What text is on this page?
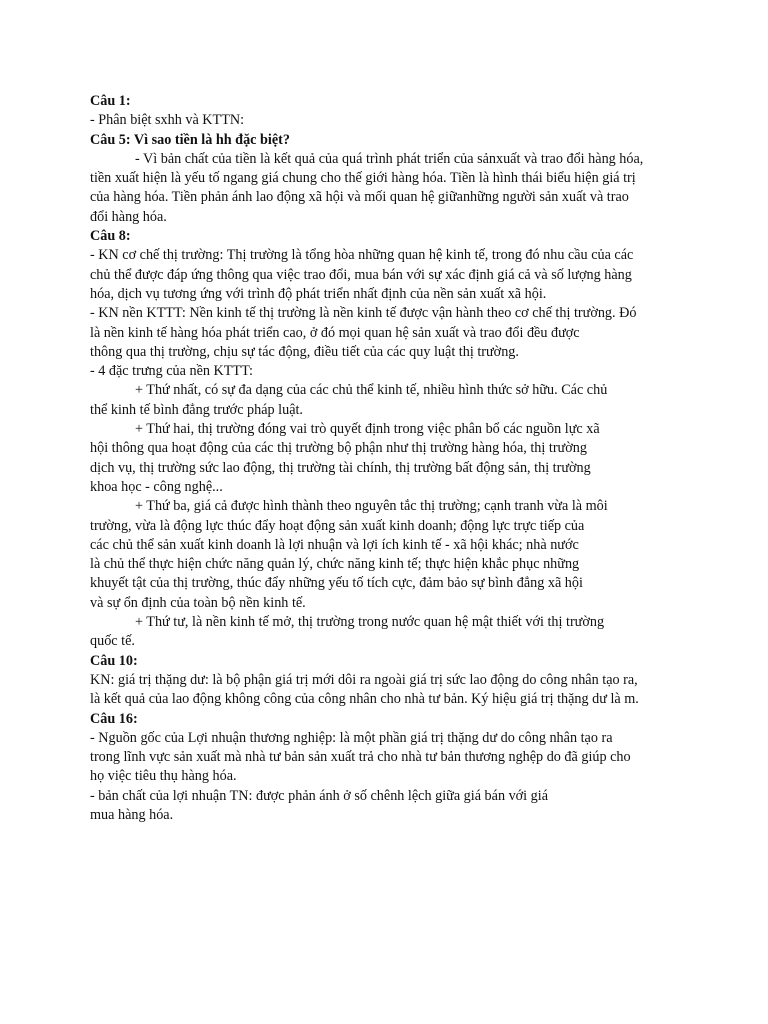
Câu 1:
- Phân biệt sxhh và KTTN:
Câu 5: Vì sao tiền là hh đặc biệt?
- Vì bản chất của tiền là kết quả của quá trình phát triển của sảnxuất và trao đổi hàng hóa,
tiền xuất hiện là yếu tố ngang giá chung cho thế giới hàng hóa. Tiền là hình thái biểu hiện giá trị
của hàng hóa. Tiền phản ánh lao động xã hội và mối quan hệ giữanhững người sản xuất và trao
đổi hàng hóa.
Câu 8:
- KN cơ chế thị trường: Thị trường là tổng hòa những quan hệ kinh tế, trong đó nhu cầu của các
chủ thể được đáp ứng thông qua việc trao đổi, mua bán với sự xác định giá cả và số lượng hàng
hóa, dịch vụ tương ứng với trình độ phát triển nhất định của nền sản xuất xã hội.
- KN nền KTTT: Nền kinh tế thị trường là nền kinh tế được vận hành theo cơ chế thị trường. Đó
là nền kinh tế hàng hóa phát triển cao, ở đó mọi quan hệ sản xuất và trao đổi đều được
thông qua thị trường, chịu sự tác động, điều tiết của các quy luật thị trường.
- 4 đặc trưng của nền KTTT:
+ Thứ nhất, có sự đa dạng của các chủ thể kinh tế, nhiều hình thức sở hữu. Các chủ
thể kinh tế bình đẳng trước pháp luật.
+ Thứ hai, thị trường đóng vai trò quyết định trong việc phân bổ các nguồn lực xã
hội thông qua hoạt động của các thị trường bộ phận như thị trường hàng hóa, thị trường
dịch vụ, thị trường sức lao động, thị trường tài chính, thị trường bất động sản, thị trường
khoa học - công nghệ...
+ Thứ ba, giá cả được hình thành theo nguyên tắc thị trường; cạnh tranh vừa là môi
trường, vừa là động lực thúc đẩy hoạt động sản xuất kinh doanh; động lực trực tiếp của
các chủ thể sản xuất kinh doanh là lợi nhuận và lợi ích kinh tế - xã hội khác; nhà nước
là chủ thể thực hiện chức năng quản lý, chức năng kinh tế; thực hiện khắc phục những
khuyết tật của thị trường, thúc đẩy những yếu tố tích cực, đảm bảo sự bình đẳng xã hội
và sự ổn định của toàn bộ nền kinh tế.
+ Thứ tư, là nền kinh tế mở, thị trường trong nước quan hệ mật thiết với thị trường
quốc tế.
Câu 10:
KN: giá trị thặng dư: là bộ phận giá trị mới dôi ra ngoài giá trị sức lao động do công nhân tạo ra,
là kết quả của lao động không công của công nhân cho nhà tư bản. Ký hiệu giá trị thặng dư là m.
Câu 16:
- Nguồn gốc của Lợi nhuận thương nghiệp: là một phần giá trị thặng dư do công nhân tạo ra
trong lĩnh vực sản xuất mà nhà tư bản sản xuất trả cho nhà tư bản thương nghệp do đã giúp cho
họ việc tiêu thụ hàng hóa.
- bản chất của lợi nhuận TN: được phản ánh ở số chênh lệch giữa giá bán với giá
mua hàng hóa.
